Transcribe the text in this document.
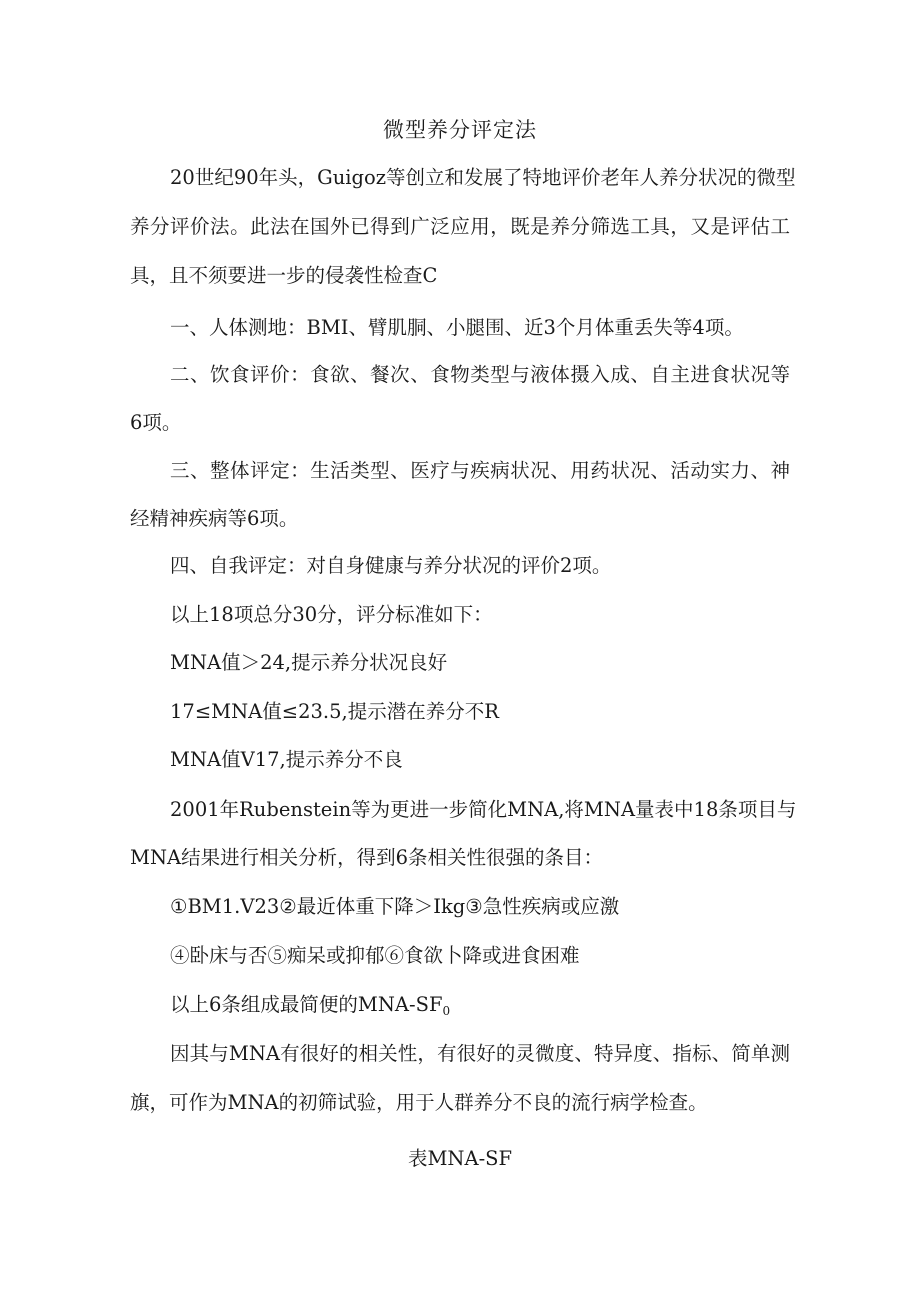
微型养分评定法
20世纪90年头，Guigoz等创立和发展了特地评价老年人养分状况的微型
养分评价法。此法在国外已得到广泛应用，既是养分筛选工具，又是评估工
具，且不须要进一步的侵袭性检查C
一、人体测地：BMI、臂肌胴、小腿围、近3个月体重丢失等4项。
二、饮食评价：食欲、餐次、食物类型与液体摄入成、自主进食状况等
6项。
三、整体评定：生活类型、医疗与疾病状况、用药状况、活动实力、神
经精神疾病等6项。
四、自我评定：对自身健康与养分状况的评价2项。
以上18项总分30分，评分标准如下：
MNA值＞24,提示养分状况良好
17≤MNA值≤23.5,提示潜在养分不R
MNA值V17,提示养分不良
2001年Rubenstein等为更进一步简化MNA,将MNA量表中18条项目与
MNA结果进行相关分析，得到6条相关性很强的条目：
①BM1.V23②最近体重下降＞Ikg③急性疾病或应激
④卧床与否⑤痴呆或抑郁⑥食欲卜降或进食困难
以上6条组成最简便的MNA-$SF_0$
因其与MNA有很好的相关性，有很好的灵微度、特异度、指标、简单测
旗，可作为MNA的初筛试验，用于人群养分不良的流行病学检查。
表MNA-SF
